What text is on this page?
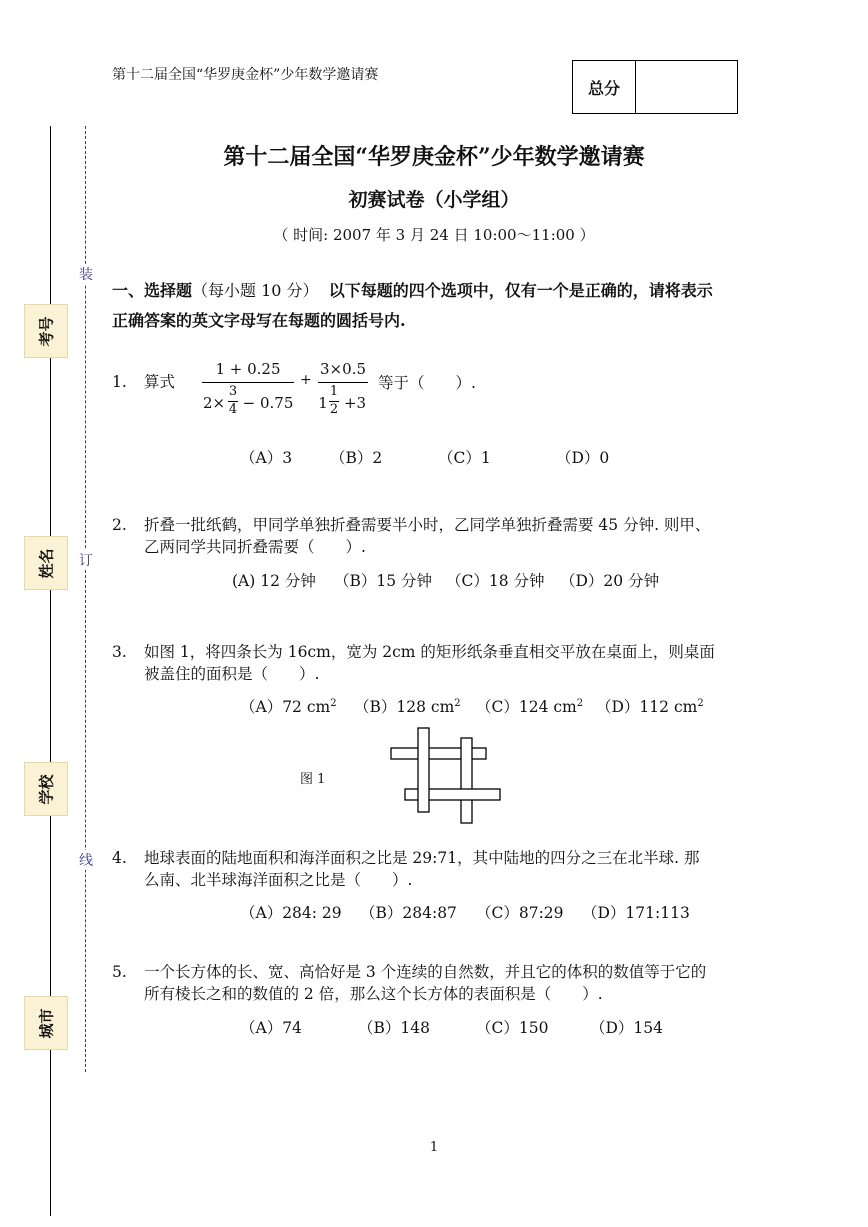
第十二届全国“华罗庚金杯”少年数学邀请赛
总分
考号
姓名
学校
城市
装
订
线
第十二届全国“华罗庚金杯”少年数学邀请赛
初赛试卷（小学组）
（ 时间: 2007 年 3 月 24 日 10:00～11:00 ）
一、选择题（每小题 10 分） 以下每题的四个选项中，仅有一个是正确的，请将表示
正确答案的英文字母写在每题的圆括号内.
1. 算式
1 + 0.25
2×
3
4 − 0.75
+
3×0.5
1
1
2 +3
等于（　　）.
（A）3 （B）2	（C）1	（D）0
2. 折叠一批纸鹤，甲同学单独折叠需要半小时，乙同学单独折叠需要 45 分钟. 则甲、
乙两同学共同折叠需要（　　）.
(A) 12 分钟 （B）15 分钟 （C）18 分钟 （D）20 分钟
3. 如图 1，将四条长为 16cm，宽为 2cm 的矩形纸条垂直相交平放在桌面上，则桌面
被盖住的面积是（　　）.
（A）72 $cm^2$ （B）128 $cm^2$ （C）124 $cm^2$ （D）112 $cm^2$
图 1
4. 地球表面的陆地面积和海洋面积之比是 29:71，其中陆地的四分之三在北半球. 那
么南、北半球海洋面积之比是（　　）.
（A）284: 29 （B）284:87 （C）87:29 （D）171:113
5. 一个长方体的长、宽、高恰好是 3 个连续的自然数，并且它的体积的数值等于它的
所有棱长之和的数值的 2 倍，那么这个长方体的表面积是（　　）.
（A）74	（B）148	（C）150	（D）154
1
